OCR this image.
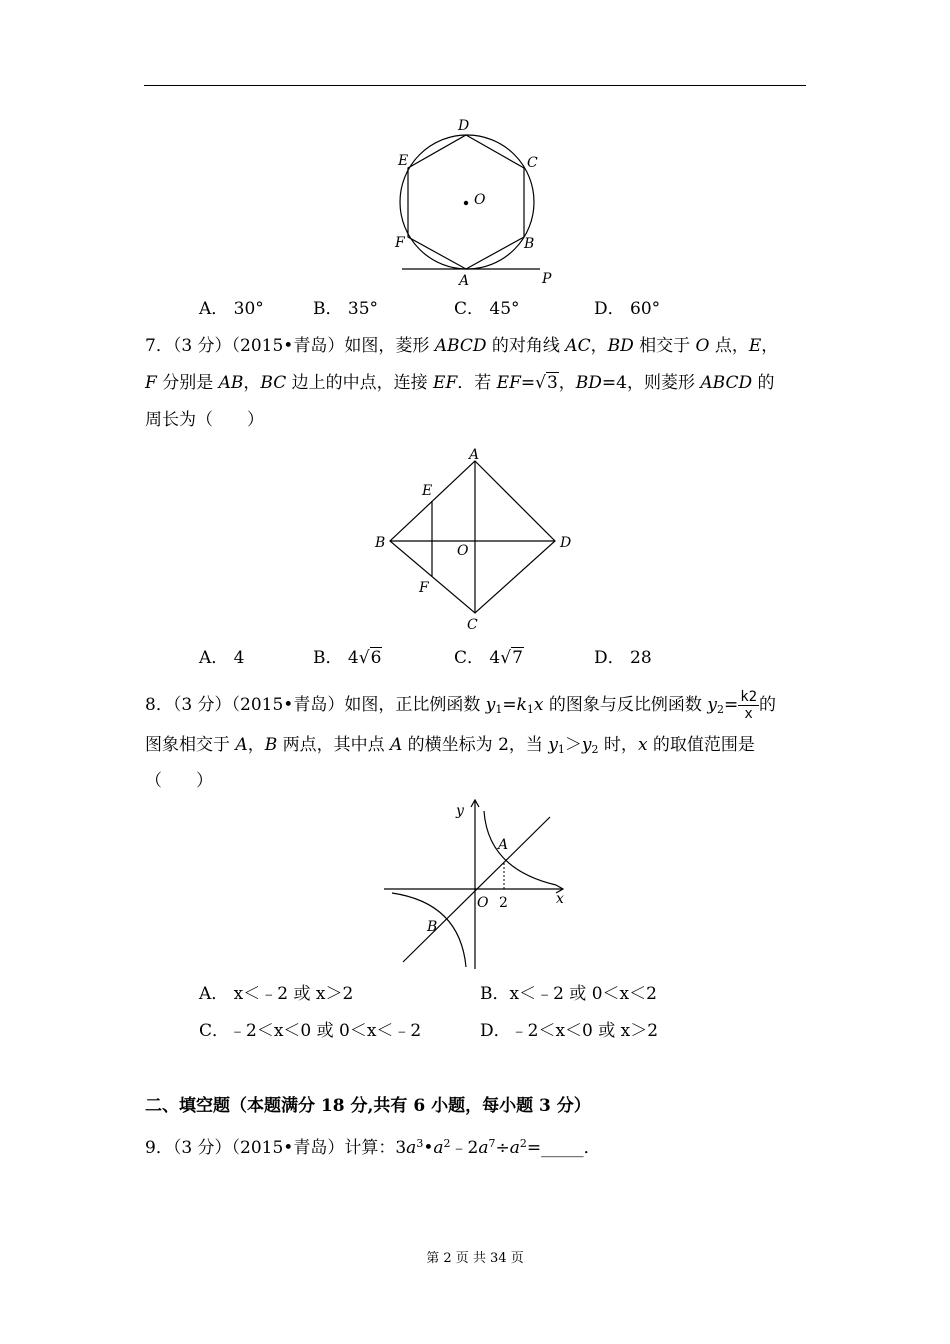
D
C
E
O
F	B
A	P
A． 30°	B． 35°	C． 45°	D． 60°
7．（3 分）（2015•青岛）如图，菱形 ABCD 的对角线 AC，BD 相交于 O 点，E，
F 分别是 AB，BC 边上的中点，连接 EF．若 EF=√3，BD=4，则菱形 ABCD 的
周长为（　　）
A
E
B	O	D
F
C
A． 4	B． 4√6	C． 4√7	D． 28
8．（3 分）（2015•青岛）如图，正比例函数 $y_1=k_1x$ 的图象与反比例函数 $y_2= \frac{k2}{x}$ 的
图象相交于 A，B 两点，其中点 A 的横坐标为 2，当 $y_1>y_2$ 时，x 的取值范围是
（　　）
y
A
O 2	x
B
A． x＜﹣2 或 x＞2	B．x＜﹣2 或 0＜x＜2
C．﹣2＜x＜0 或 0＜x＜﹣2	D．﹣2＜x＜0 或 x＞2
二、填空题（本题满分 18 分,共有 6 小题，每小题 3 分）
9．（3 分）（2015•青岛）计算：$3a^3•a^2﹣2a^7\div a^2=\_\_\_\_\_$．
第 2 页 共 34 页
